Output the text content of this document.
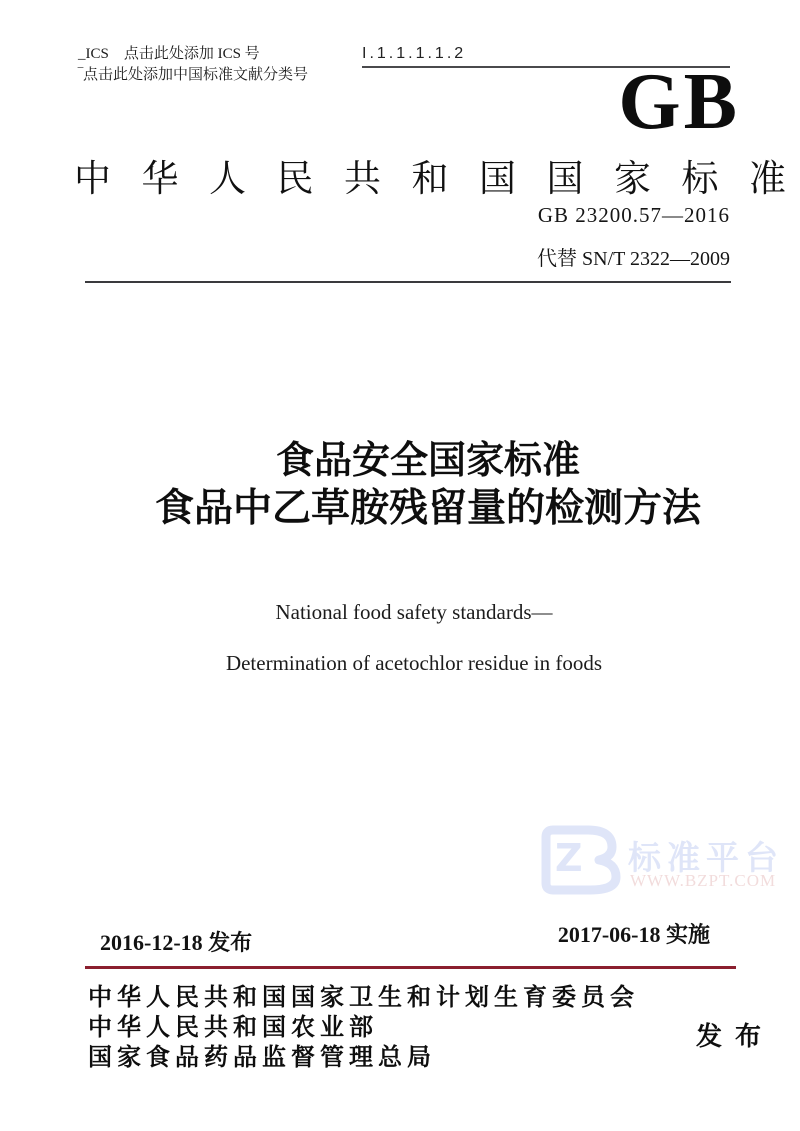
_ICS　点击此处添加 ICS 号
‾点击此处添加中国标准文献分类号
I.1.1.1.1.2
GB
中 华 人 民 共 和 国 国 家 标 准
GB 23200.57—2016
代替 SN/T 2322—2009
食品安全国家标准
食品中乙草胺残留量的检测方法
National food safety standards—
Determination of acetochlor residue in foods
Z 标准平台
WWW.BZPT.COM
2016-12-18 发布	2017-06-18 实施
中华人民共和国国家卫生和计划生育委员会
中华人民共和国农业部
国家食品药品监督管理总局
发布
